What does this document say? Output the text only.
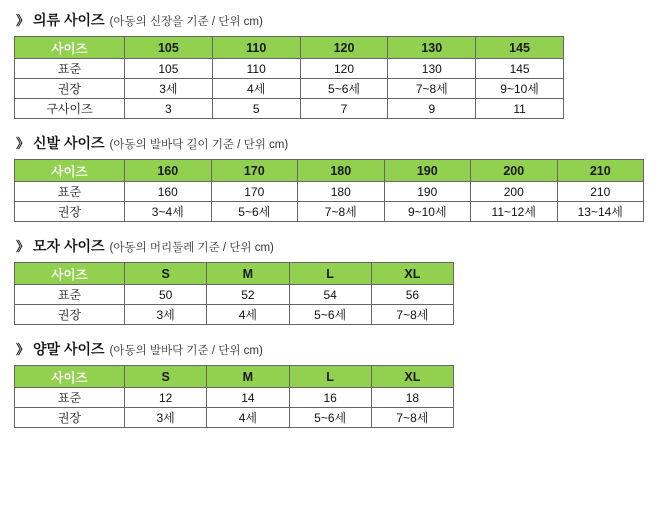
》 의류 사이즈 (아동의 신장을 기준 / 단위 cm)
사이즈	105	110	120	130	145
표준	105	110	120	130	145
권장	3세	4세	5~6세	7~8세	9~10세
구사이즈	3	5	7	9	11
》 신발 사이즈 (아동의 발바닥 길이 기준 / 단위 cm)
사이즈	160	170	180	190	200	210
표준	160	170	180	190	200	210
권장	3~4세	5~6세	7~8세	9~10세	11~12세	13~14세
》 모자 사이즈 (아동의 머리둘레 기준 / 단위 cm)
사이즈	S	M	L	XL
표준	50	52	54	56
권장	3세	4세	5~6세	7~8세
》 양말 사이즈 (아동의 발바닥 기준 / 단위 cm)
사이즈	S	M	L	XL
표준	12	14	16	18
권장	3세	4세	5~6세	7~8세
